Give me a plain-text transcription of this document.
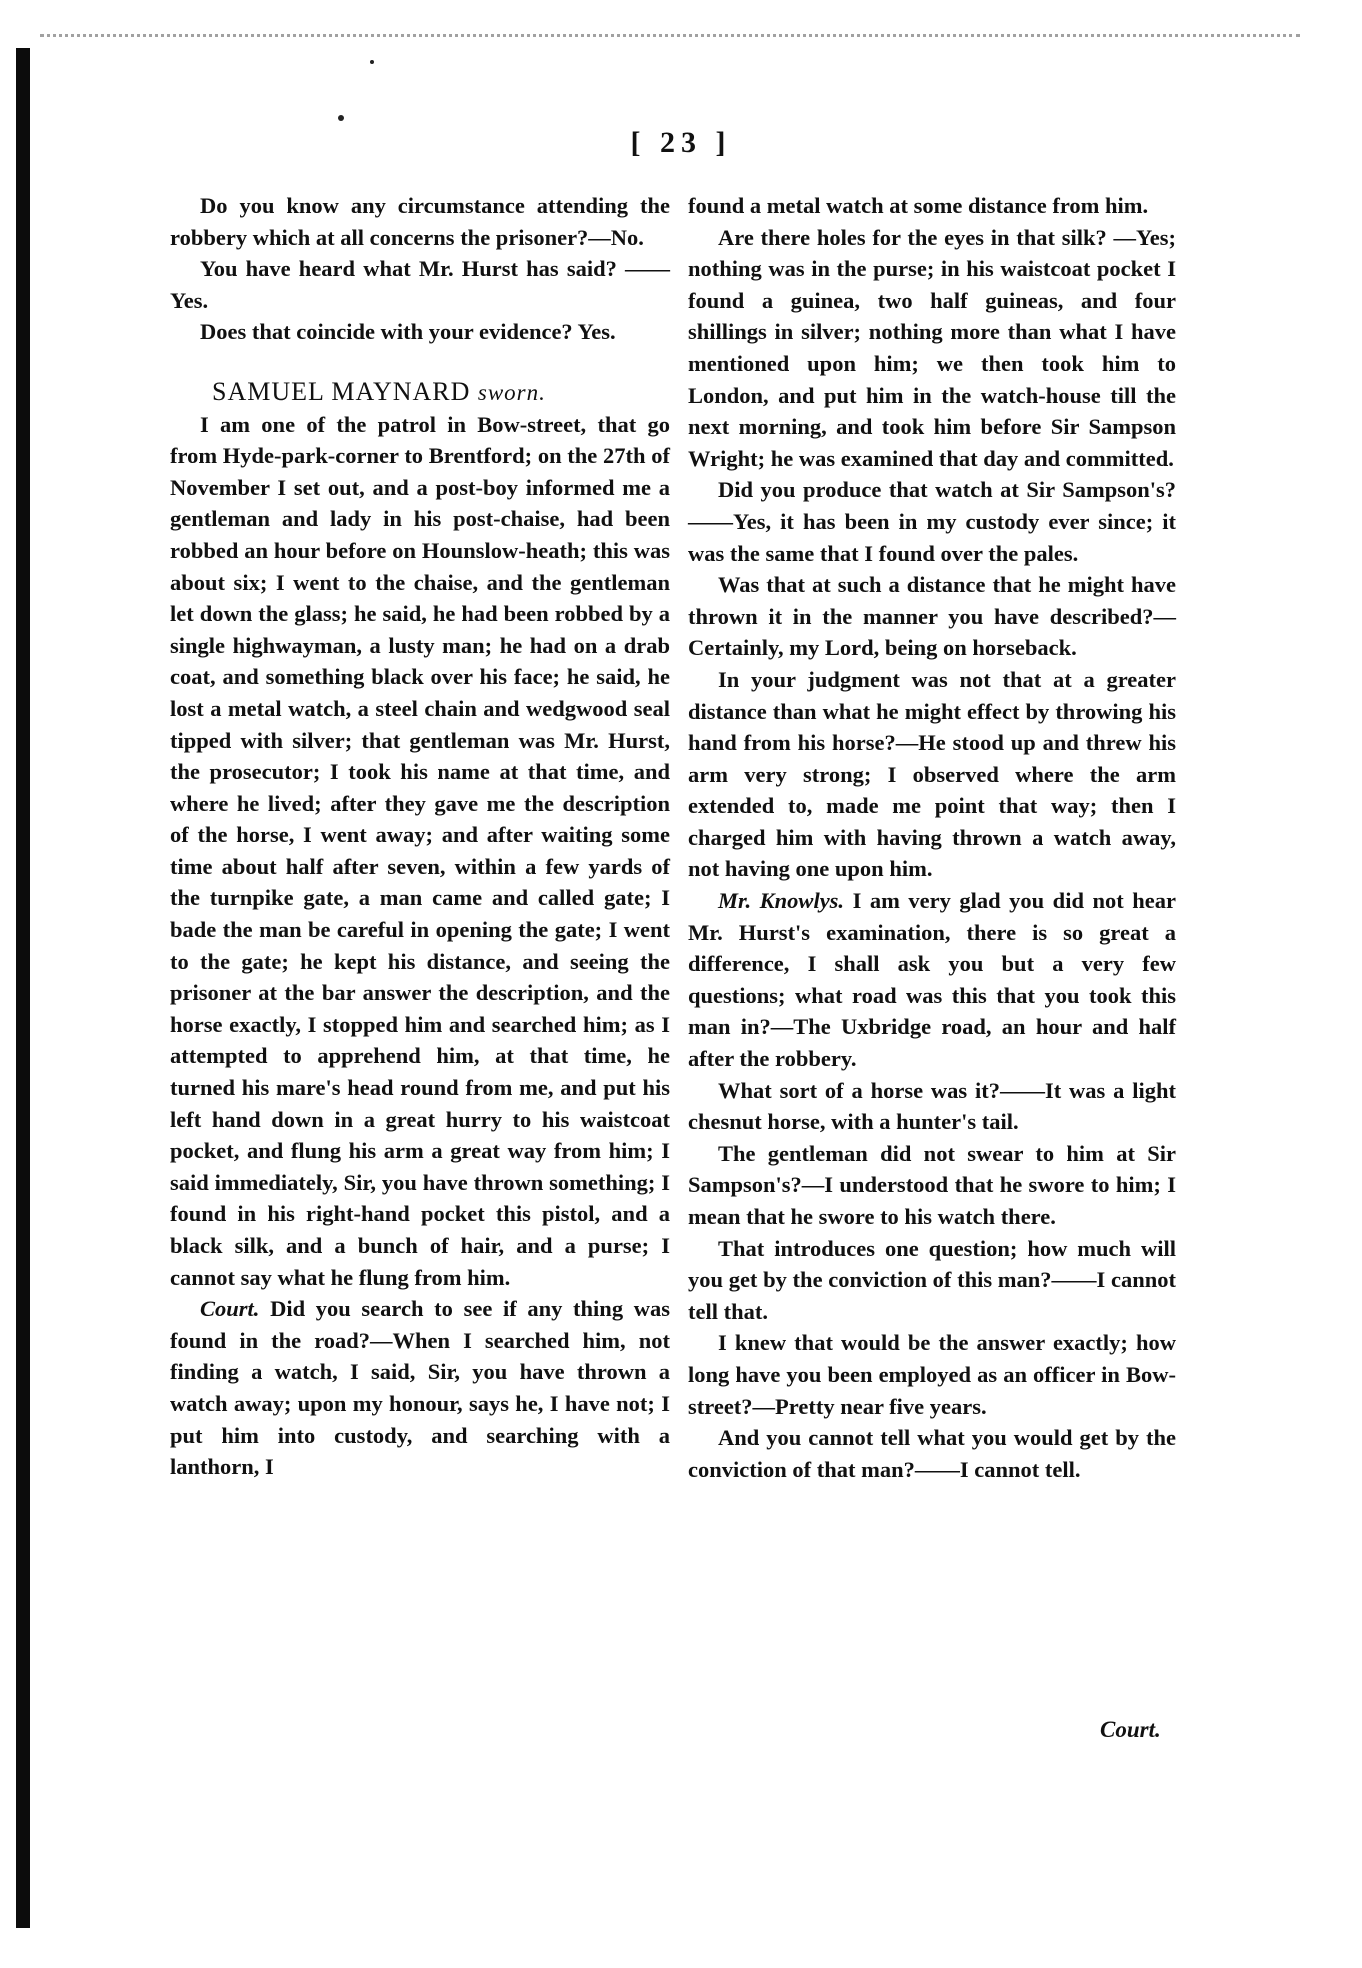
[ 23 ]

Do you know any circumstance attending the robbery which at all concerns the prisoner?—No.

You have heard what Mr. Hurst has said? ——Yes.

Does that coincide with your evidence? Yes.

SAMUEL MAYNARD sworn.

I am one of the patrol in Bow-street, that go from Hyde-park-corner to Brentford; on the 27th of November I set out, and a post-boy informed me a gentleman and lady in his post-chaise, had been robbed an hour before on Hounslow-heath; this was about six; I went to the chaise, and the gentleman let down the glass; he said, he had been robbed by a single highwayman, a lusty man; he had on a drab coat, and something black over his face; he said, he lost a metal watch, a steel chain and wedgwood seal tipped with silver; that gentleman was Mr. Hurst, the prosecutor; I took his name at that time, and where he lived; after they gave me the description of the horse, I went away; and after waiting some time about half after seven, within a few yards of the turnpike gate, a man came and called gate; I bade the man be careful in opening the gate; I went to the gate; he kept his distance, and seeing the prisoner at the bar answer the description, and the horse exactly, I stopped him and searched him; as I attempted to apprehend him, at that time, he turned his mare's head round from me, and put his left hand down in a great hurry to his waistcoat pocket, and flung his arm a great way from him; I said immediately, Sir, you have thrown something; I found in his right-hand pocket this pistol, and a black silk, and a bunch of hair, and a purse; I cannot say what he flung from him.

Court. Did you search to see if any thing was found in the road?—When I searched him, not finding a watch, I said, Sir, you have thrown a watch away; upon my honour, says he, I have not; I put him into custody, and searching with a lanthorn, I

found a metal watch at some distance from him.

Are there holes for the eyes in that silk? —Yes; nothing was in the purse; in his waistcoat pocket I found a guinea, two half guineas, and four shillings in silver; nothing more than what I have mentioned upon him; we then took him to London, and put him in the watch-house till the next morning, and took him before Sir Sampson Wright; he was examined that day and committed.

Did you produce that watch at Sir Sampson's?——Yes, it has been in my custody ever since; it was the same that I found over the pales.

Was that at such a distance that he might have thrown it in the manner you have described?—Certainly, my Lord, being on horseback.

In your judgment was not that at a greater distance than what he might effect by throwing his hand from his horse?—He stood up and threw his arm very strong; I observed where the arm extended to, made me point that way; then I charged him with having thrown a watch away, not having one upon him.

Mr. Knowlys. I am very glad you did not hear Mr. Hurst's examination, there is so great a difference, I shall ask you but a very few questions; what road was this that you took this man in?—The Uxbridge road, an hour and half after the robbery.

What sort of a horse was it?——It was a light chesnut horse, with a hunter's tail.

The gentleman did not swear to him at Sir Sampson's?—I understood that he swore to him; I mean that he swore to his watch there.

That introduces one question; how much will you get by the conviction of this man?——I cannot tell that.

I knew that would be the answer exactly; how long have you been employed as an officer in Bow-street?—Pretty near five years.

And you cannot tell what you would get by the conviction of that man?——I cannot tell.

Court.
